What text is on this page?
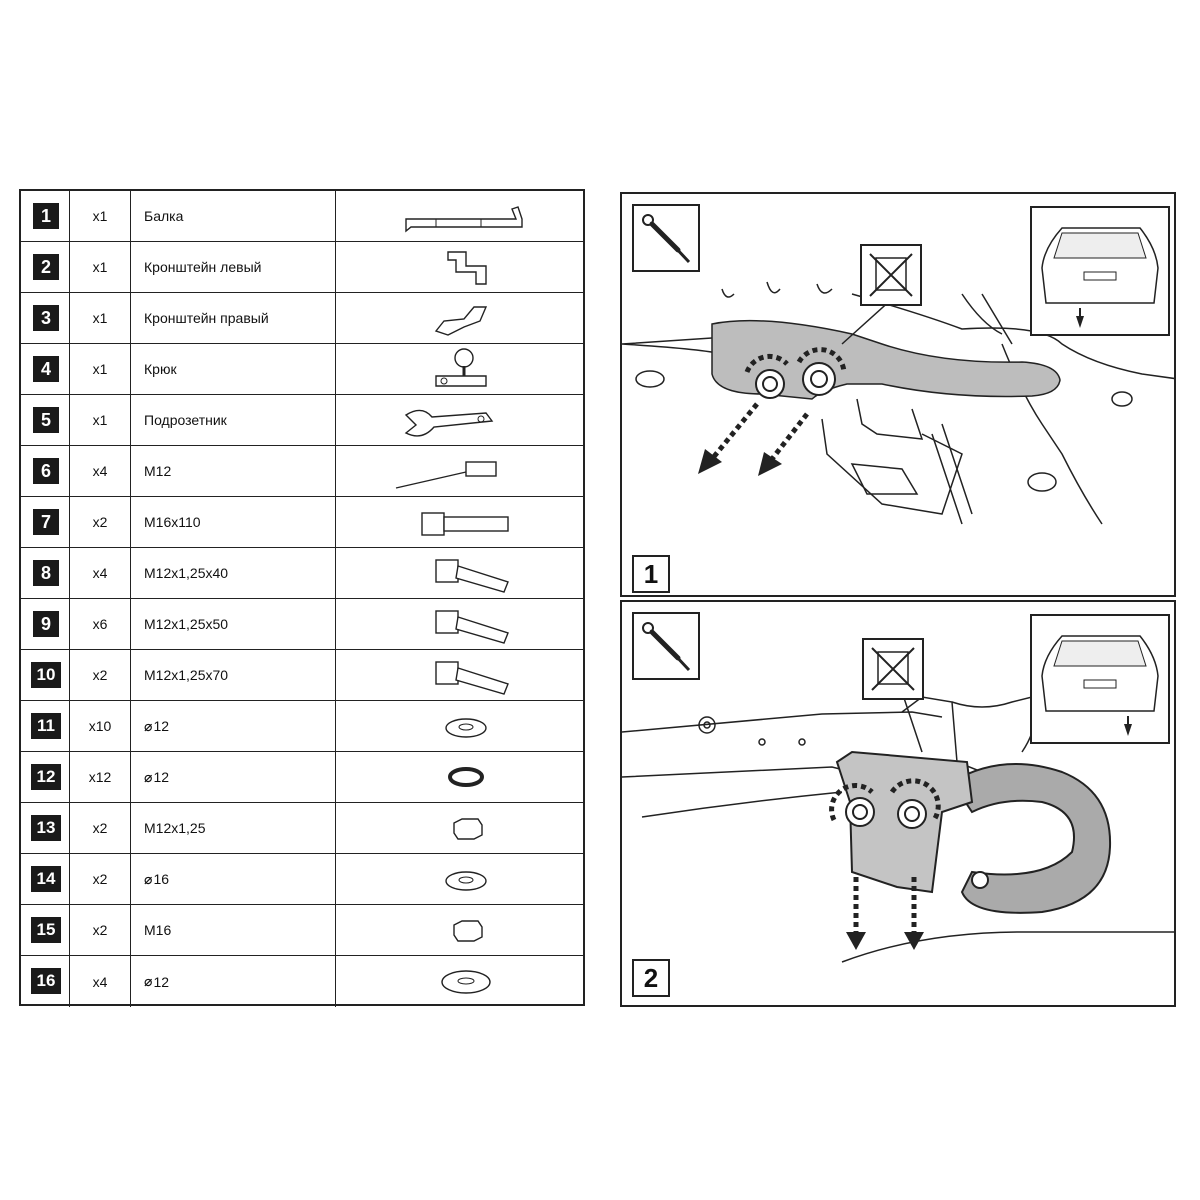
1	x1	Балка
2	x1	Кронштейн левый
3	x1	Кронштейн правый
4	x1	Крюк
5	x1	Подрозетник
6	x4	M12
7	x2	M16x110
8	x4	M12x1,25x40
9	x6	M12x1,25x50
10	x2	M12x1,25x70
11	x10	⌀ 12
12	x12	⌀ 12
13	x2	M12x1,25
14	x2	⌀ 16
15	x2	M16
16	x4	⌀ 12
1
2
